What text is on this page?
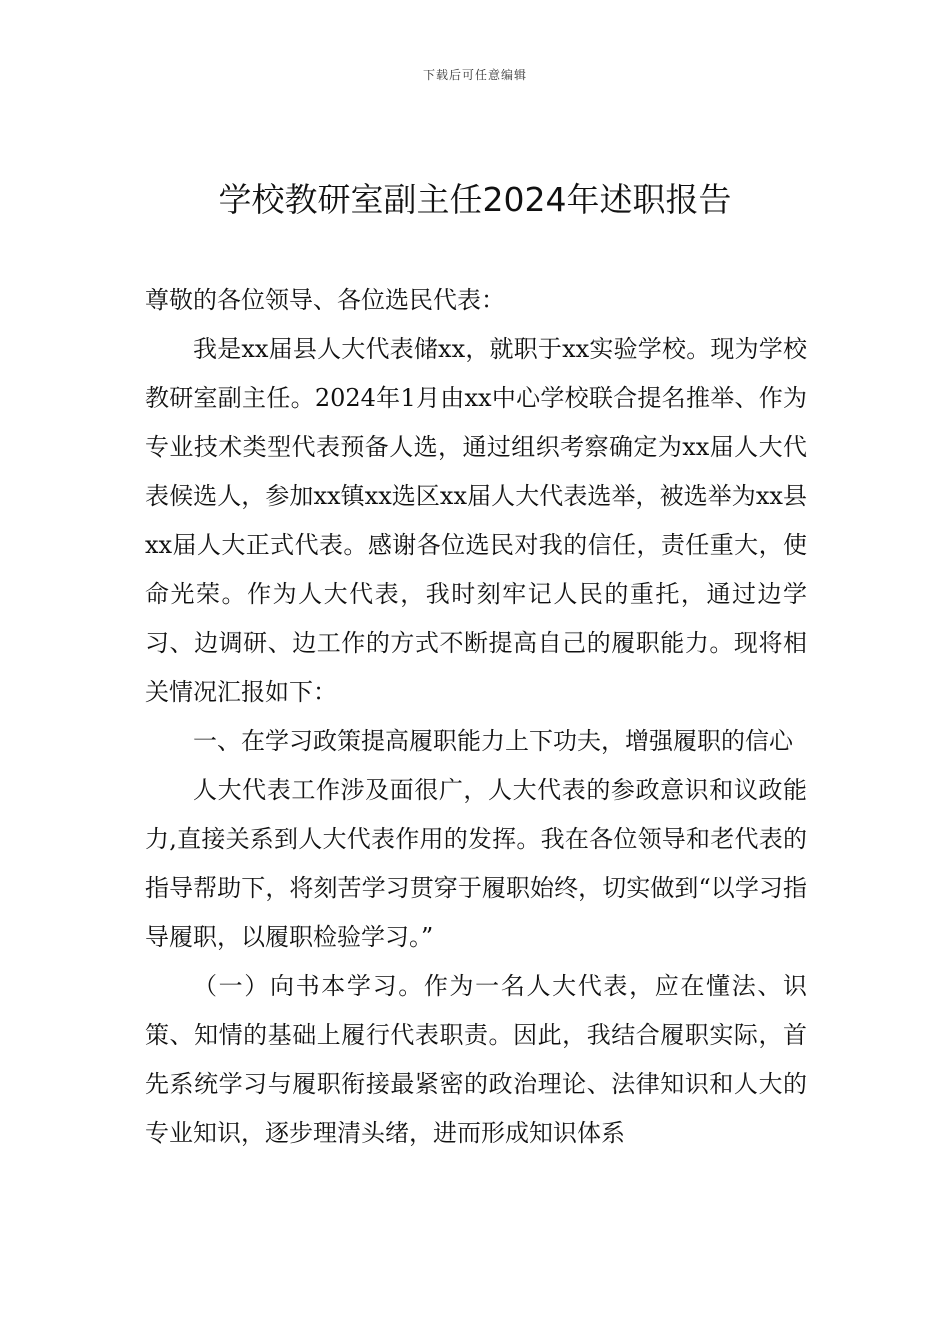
下载后可任意编辑
学校教研室副主任2024年述职报告

尊敬的各位领导、各位选民代表：

我是xx届县人大代表储xx，就职于xx实验学校。现为学校教研室副主任。2024年1月由xx中心学校联合提名推举、作为专业技术类型代表预备人选，通过组织考察确定为xx届人大代表候选人，参加xx镇xx选区xx届人大代表选举，被选举为xx县xx届人大正式代表。感谢各位选民对我的信任，责任重大，使命光荣。作为人大代表，我时刻牢记人民的重托，通过边学习、边调研、边工作的方式不断提高自己的履职能力。现将相关情况汇报如下：

一、在学习政策提高履职能力上下功夫，增强履职的信心

人大代表工作涉及面很广，人大代表的参政意识和议政能力,直接关系到人大代表作用的发挥。我在各位领导和老代表的指导帮助下，将刻苦学习贯穿于履职始终，切实做到“以学习指导履职，以履职检验学习。”

（一）向书本学习。作为一名人大代表，应在懂法、识策、知情的基础上履行代表职责。因此，我结合履职实际，首先系统学习与履职衔接最紧密的政治理论、法律知识和人大的专业知识，逐步理清头绪，进而形成知识体系
